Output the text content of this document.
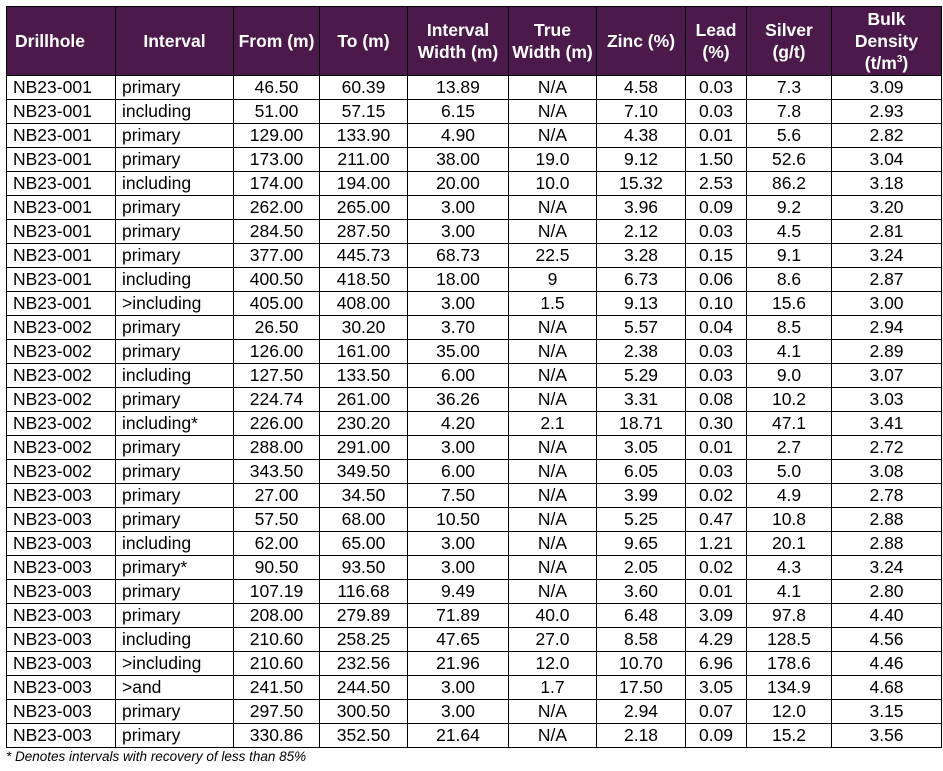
Drillhole	Interval	From (m)	To (m)	Interval Width (m)	True Width (m)	Zinc (%)	Lead (%)	Silver (g/t)	Bulk Density $(t/m^3)$
NB23-001	primary	46.50	60.39	13.89	N/A	4.58	0.03	7.3	3.09
NB23-001	including	51.00	57.15	6.15	N/A	7.10	0.03	7.8	2.93
NB23-001	primary	129.00	133.90	4.90	N/A	4.38	0.01	5.6	2.82
NB23-001	primary	173.00	211.00	38.00	19.0	9.12	1.50	52.6	3.04
NB23-001	including	174.00	194.00	20.00	10.0	15.32	2.53	86.2	3.18
NB23-001	primary	262.00	265.00	3.00	N/A	3.96	0.09	9.2	3.20
NB23-001	primary	284.50	287.50	3.00	N/A	2.12	0.03	4.5	2.81
NB23-001	primary	377.00	445.73	68.73	22.5	3.28	0.15	9.1	3.24
NB23-001	including	400.50	418.50	18.00	9	6.73	0.06	8.6	2.87
NB23-001	>including	405.00	408.00	3.00	1.5	9.13	0.10	15.6	3.00
NB23-002	primary	26.50	30.20	3.70	N/A	5.57	0.04	8.5	2.94
NB23-002	primary	126.00	161.00	35.00	N/A	2.38	0.03	4.1	2.89
NB23-002	including	127.50	133.50	6.00	N/A	5.29	0.03	9.0	3.07
NB23-002	primary	224.74	261.00	36.26	N/A	3.31	0.08	10.2	3.03
NB23-002	including*	226.00	230.20	4.20	2.1	18.71	0.30	47.1	3.41
NB23-002	primary	288.00	291.00	3.00	N/A	3.05	0.01	2.7	2.72
NB23-002	primary	343.50	349.50	6.00	N/A	6.05	0.03	5.0	3.08
NB23-003	primary	27.00	34.50	7.50	N/A	3.99	0.02	4.9	2.78
NB23-003	primary	57.50	68.00	10.50	N/A	5.25	0.47	10.8	2.88
NB23-003	including	62.00	65.00	3.00	N/A	9.65	1.21	20.1	2.88
NB23-003	primary*	90.50	93.50	3.00	N/A	2.05	0.02	4.3	3.24
NB23-003	primary	107.19	116.68	9.49	N/A	3.60	0.01	4.1	2.80
NB23-003	primary	208.00	279.89	71.89	40.0	6.48	3.09	97.8	4.40
NB23-003	including	210.60	258.25	47.65	27.0	8.58	4.29	128.5	4.56
NB23-003	>including	210.60	232.56	21.96	12.0	10.70	6.96	178.6	4.46
NB23-003	>and	241.50	244.50	3.00	1.7	17.50	3.05	134.9	4.68
NB23-003	primary	297.50	300.50	3.00	N/A	2.94	0.07	12.0	3.15
NB23-003	primary	330.86	352.50	21.64	N/A	2.18	0.09	15.2	3.56
* Denotes intervals with recovery of less than 85%
